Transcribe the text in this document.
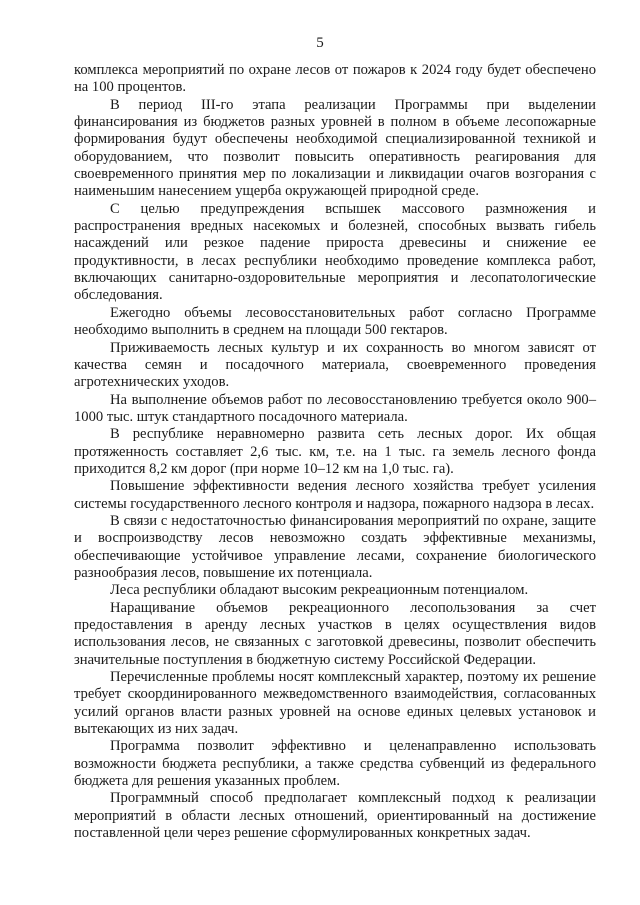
5

комплекса мероприятий по охране лесов от пожаров к 2024 году будет обеспечено на 100 процентов.

В период III-го этапа реализации Программы при выделении финансирования из бюджетов разных уровней в полном в объеме лесопожарные формирования будут обеспечены необходимой специализированной техникой и оборудованием, что позволит повысить оперативность реагирования для своевременного принятия мер по локализации и ликвидации очагов возгорания с наименьшим нанесением ущерба окружающей природной среде.

С целью предупреждения вспышек массового размножения и распространения вредных насекомых и болезней, способных вызвать гибель насаждений или резкое падение прироста древесины и снижение ее продуктивности, в лесах республики необходимо проведение комплекса работ, включающих санитарно-оздоровительные мероприятия и лесопатологические обследования.

Ежегодно объемы лесовосстановительных работ согласно Программе необходимо выполнить в среднем на площади 500 гектаров.

Приживаемость лесных культур и их сохранность во многом зависят от качества семян и посадочного материала, своевременного проведения агротехнических уходов.

На выполнение объемов работ по лесовосстановлению требуется около 900–1000 тыс. штук стандартного посадочного материала.

В республике неравномерно развита сеть лесных дорог. Их общая протяженность составляет 2,6 тыс. км, т.е. на 1 тыс. га земель лесного фонда приходится 8,2 км дорог (при норме 10–12 км на 1,0 тыс. га).

Повышение эффективности ведения лесного хозяйства требует усиления системы государственного лесного контроля и надзора, пожарного надзора в лесах.

В связи с недостаточностью финансирования мероприятий по охране, защите и воспроизводству лесов невозможно создать эффективные механизмы, обеспечивающие устойчивое управление лесами, сохранение биологического разнообразия лесов, повышение их потенциала.

Леса республики обладают высоким рекреационным потенциалом.

Наращивание объемов рекреационного лесопользования за счет предоставления в аренду лесных участков в целях осуществления видов использования лесов, не связанных с заготовкой древесины, позволит обеспечить значительные поступления в бюджетную систему Российской Федерации.

Перечисленные проблемы носят комплексный характер, поэтому их решение требует скоординированного межведомственного взаимодействия, согласованных усилий органов власти разных уровней на основе единых целевых установок и вытекающих из них задач.

Программа позволит эффективно и целенаправленно использовать возможности бюджета республики, а также средства субвенций из федерального бюджета для решения указанных проблем.

Программный способ предполагает комплексный подход к реализации мероприятий в области лесных отношений, ориентированный на достижение поставленной цели через решение сформулированных конкретных задач.
